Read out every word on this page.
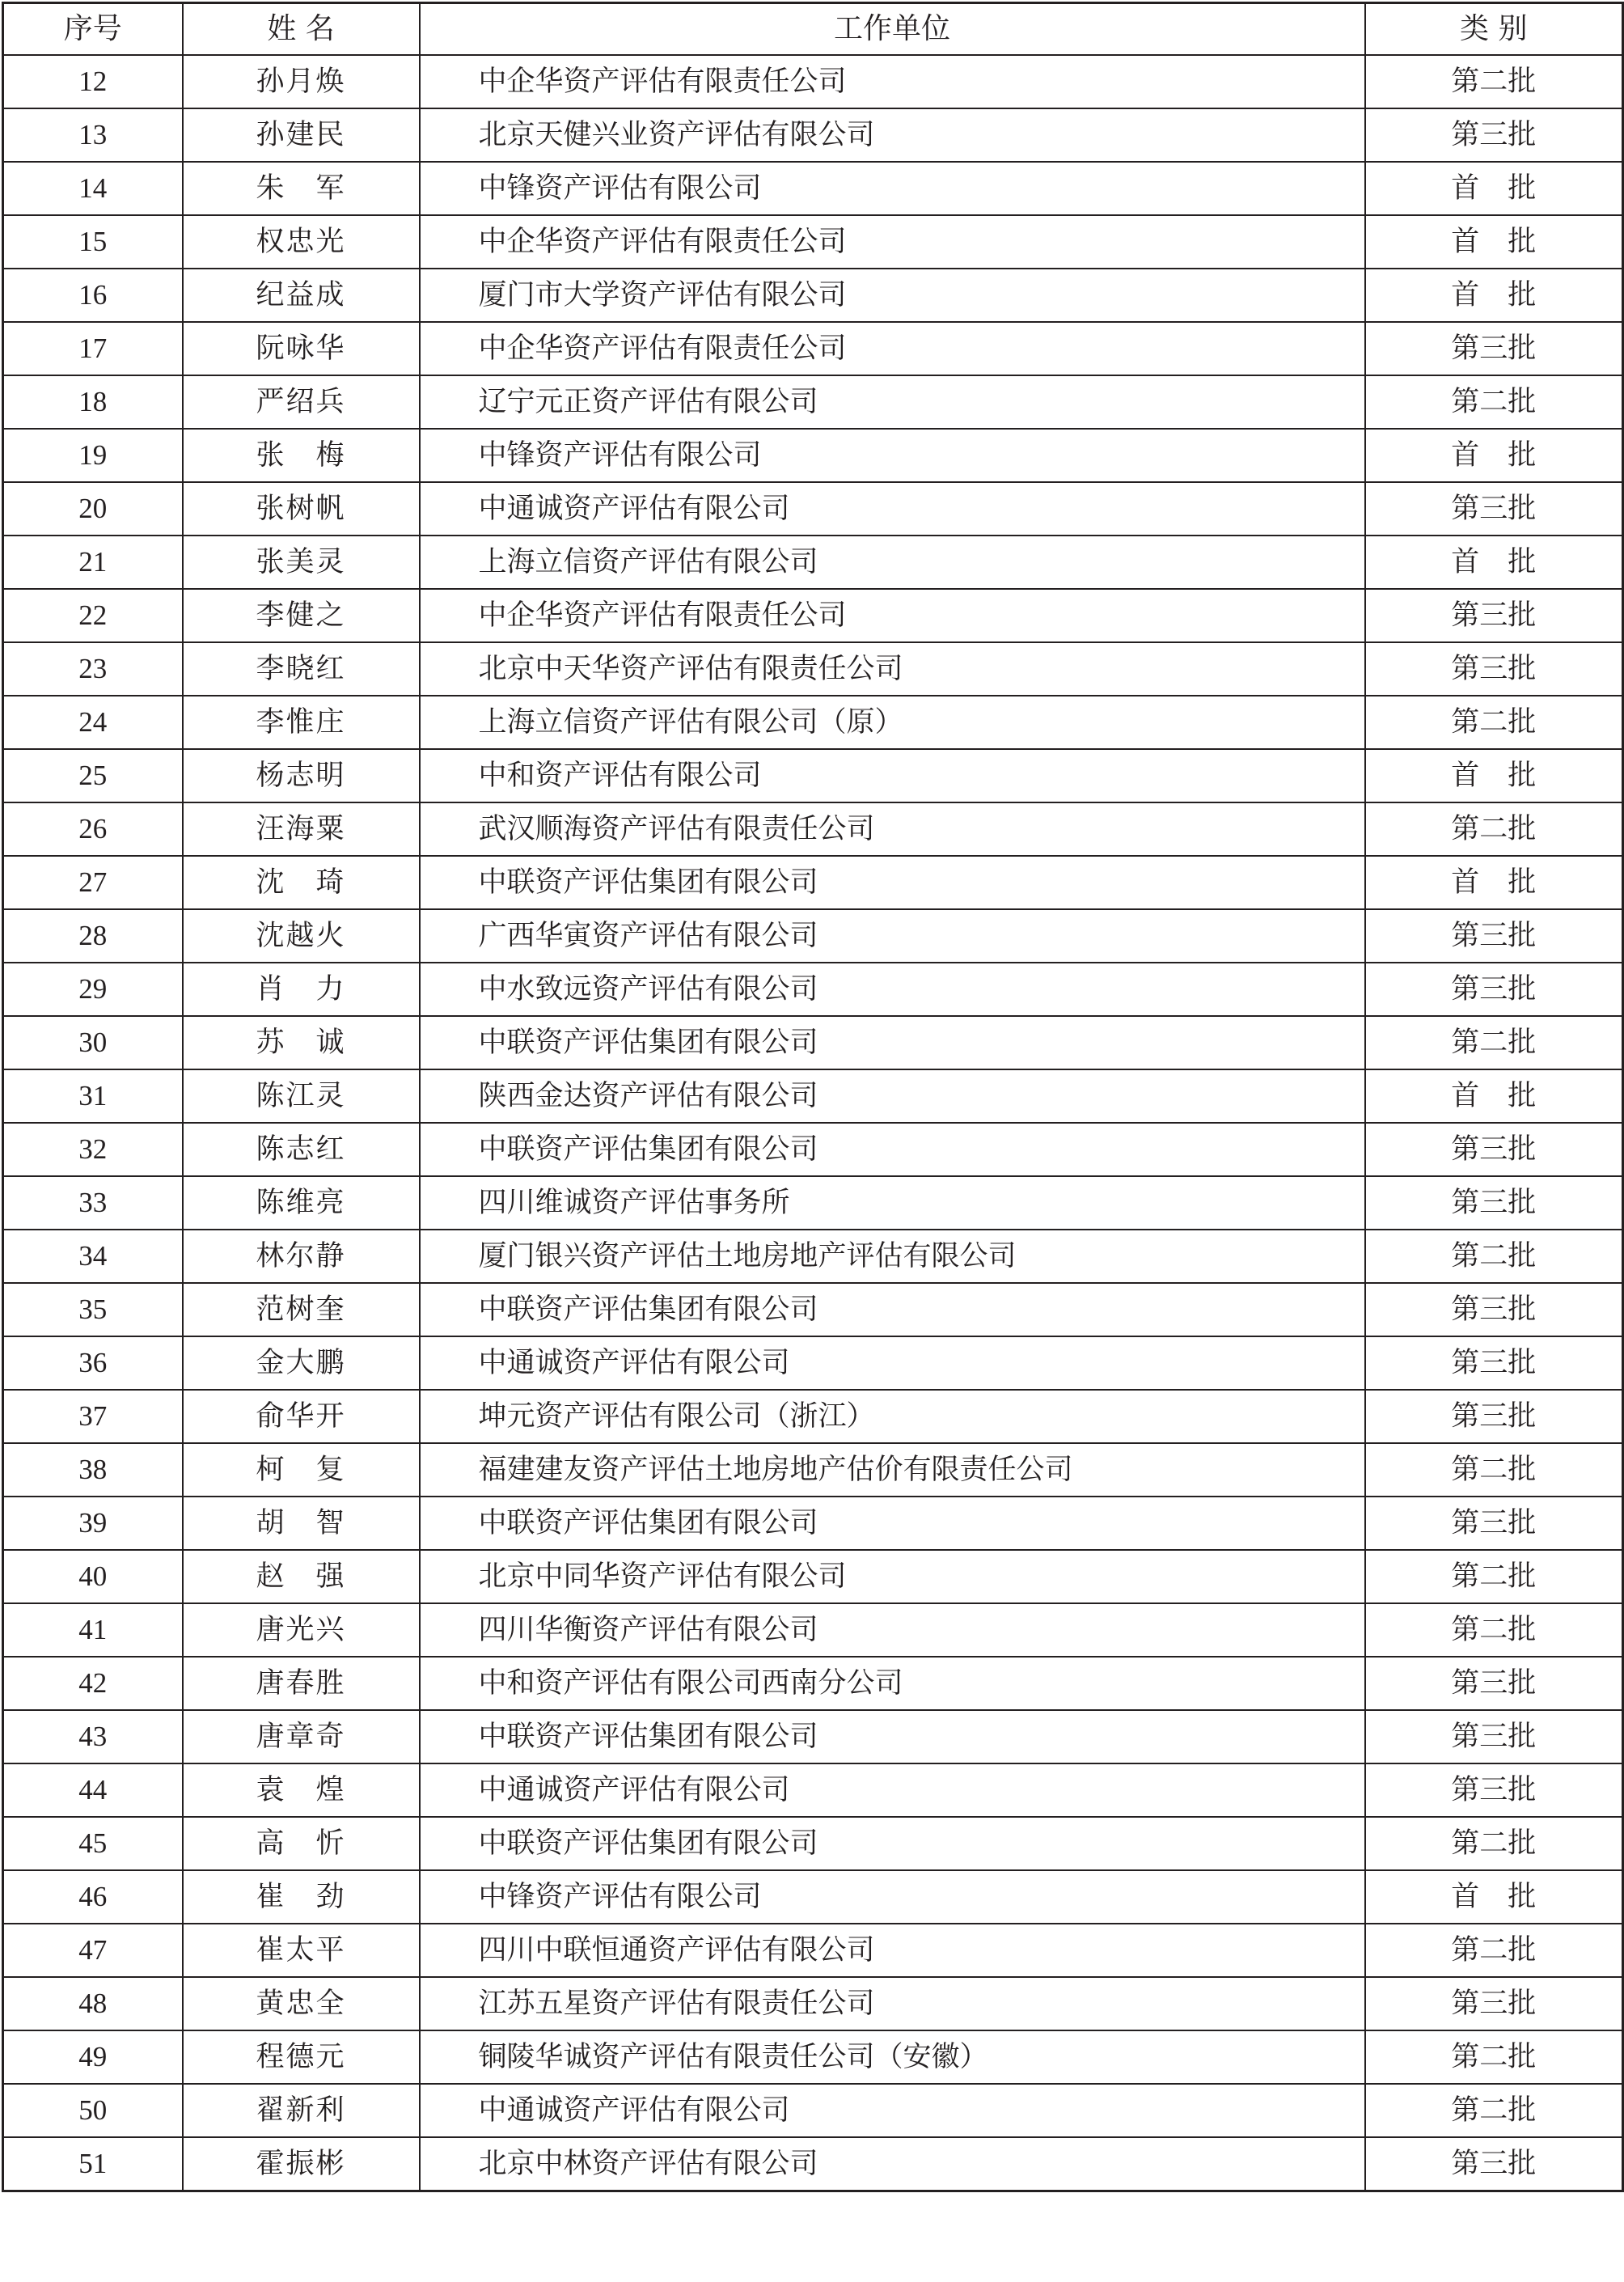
序号	姓 名	工作单位	类 别
12	孙月焕	中企华资产评估有限责任公司	第二批
13	孙建民	北京天健兴业资产评估有限公司	第三批
14	朱　军	中锋资产评估有限公司	首　批
15	权忠光	中企华资产评估有限责任公司	首　批
16	纪益成	厦门市大学资产评估有限公司	首　批
17	阮咏华	中企华资产评估有限责任公司	第三批
18	严绍兵	辽宁元正资产评估有限公司	第二批
19	张　梅	中锋资产评估有限公司	首　批
20	张树帆	中通诚资产评估有限公司	第三批
21	张美灵	上海立信资产评估有限公司	首　批
22	李健之	中企华资产评估有限责任公司	第三批
23	李晓红	北京中天华资产评估有限责任公司	第三批
24	李惟庄	上海立信资产评估有限公司（原）	第二批
25	杨志明	中和资产评估有限公司	首　批
26	汪海粟	武汉顺海资产评估有限责任公司	第二批
27	沈　琦	中联资产评估集团有限公司	首　批
28	沈越火	广西华寅资产评估有限公司	第三批
29	肖　力	中水致远资产评估有限公司	第三批
30	苏　诚	中联资产评估集团有限公司	第二批
31	陈江灵	陕西金达资产评估有限公司	首　批
32	陈志红	中联资产评估集团有限公司	第三批
33	陈维亮	四川维诚资产评估事务所	第三批
34	林尔静	厦门银兴资产评估土地房地产评估有限公司	第二批
35	范树奎	中联资产评估集团有限公司	第三批
36	金大鹏	中通诚资产评估有限公司	第三批
37	俞华开	坤元资产评估有限公司（浙江）	第三批
38	柯　复	福建建友资产评估土地房地产估价有限责任公司	第二批
39	胡　智	中联资产评估集团有限公司	第三批
40	赵　强	北京中同华资产评估有限公司	第二批
41	唐光兴	四川华衡资产评估有限公司	第二批
42	唐春胜	中和资产评估有限公司西南分公司	第三批
43	唐章奇	中联资产评估集团有限公司	第三批
44	袁　煌	中通诚资产评估有限公司	第三批
45	高　忻	中联资产评估集团有限公司	第二批
46	崔　劲	中锋资产评估有限公司	首　批
47	崔太平	四川中联恒通资产评估有限公司	第二批
48	黄忠全	江苏五星资产评估有限责任公司	第三批
49	程德元	铜陵华诚资产评估有限责任公司（安徽）	第二批
50	翟新利	中通诚资产评估有限公司	第二批
51	霍振彬	北京中林资产评估有限公司	第三批
